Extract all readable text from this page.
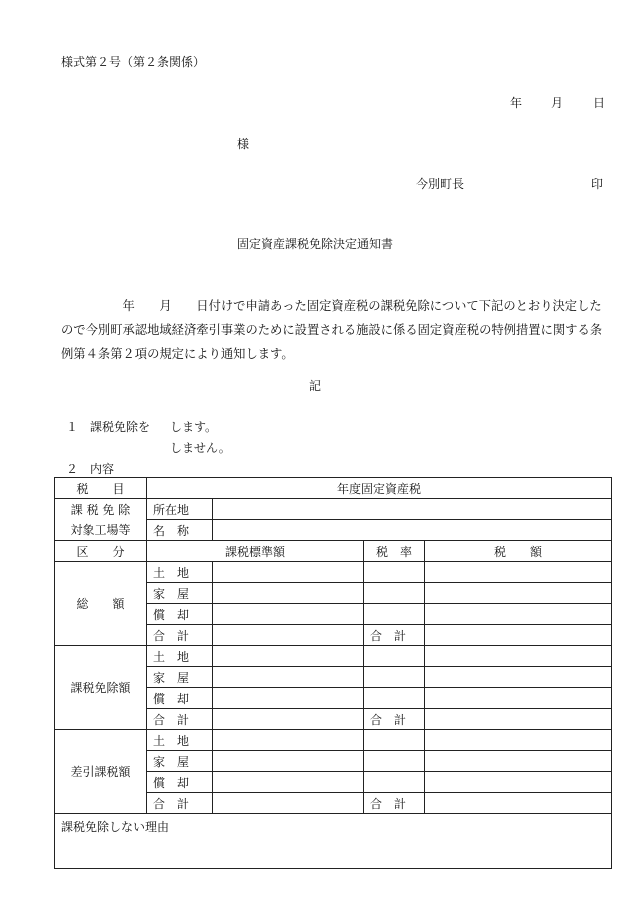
様式第２号（第２条関係）
年 月 日
様
今別町長	印
固定資産課税免除決定通知書
　　　　　年　　月　　日付けで申請あった固定資産税の課税免除について下記のとおり決定したので今別町承認地域経済牽引事業のために設置される施設に係る固定資産税の特例措置に関する条例第４条第２項の規定により通知します。
記
１　課税免除を します。
しません。
２　内容
税　　目	年度固定資産税			
課 税 免 除
対象工場等	所在地			
	名　称			
区　　分	課税標準額		税　率	税　　額
総　　額	土　地			
	家　屋			
	償　却			
	合　計		合　計	
課税免除額	土　地			
	家　屋			
	償　却			
	合　計		合　計	
差引課税額	土　地			
	家　屋			
	償　却			
	合　計		合　計	
課税免除しない理由				
